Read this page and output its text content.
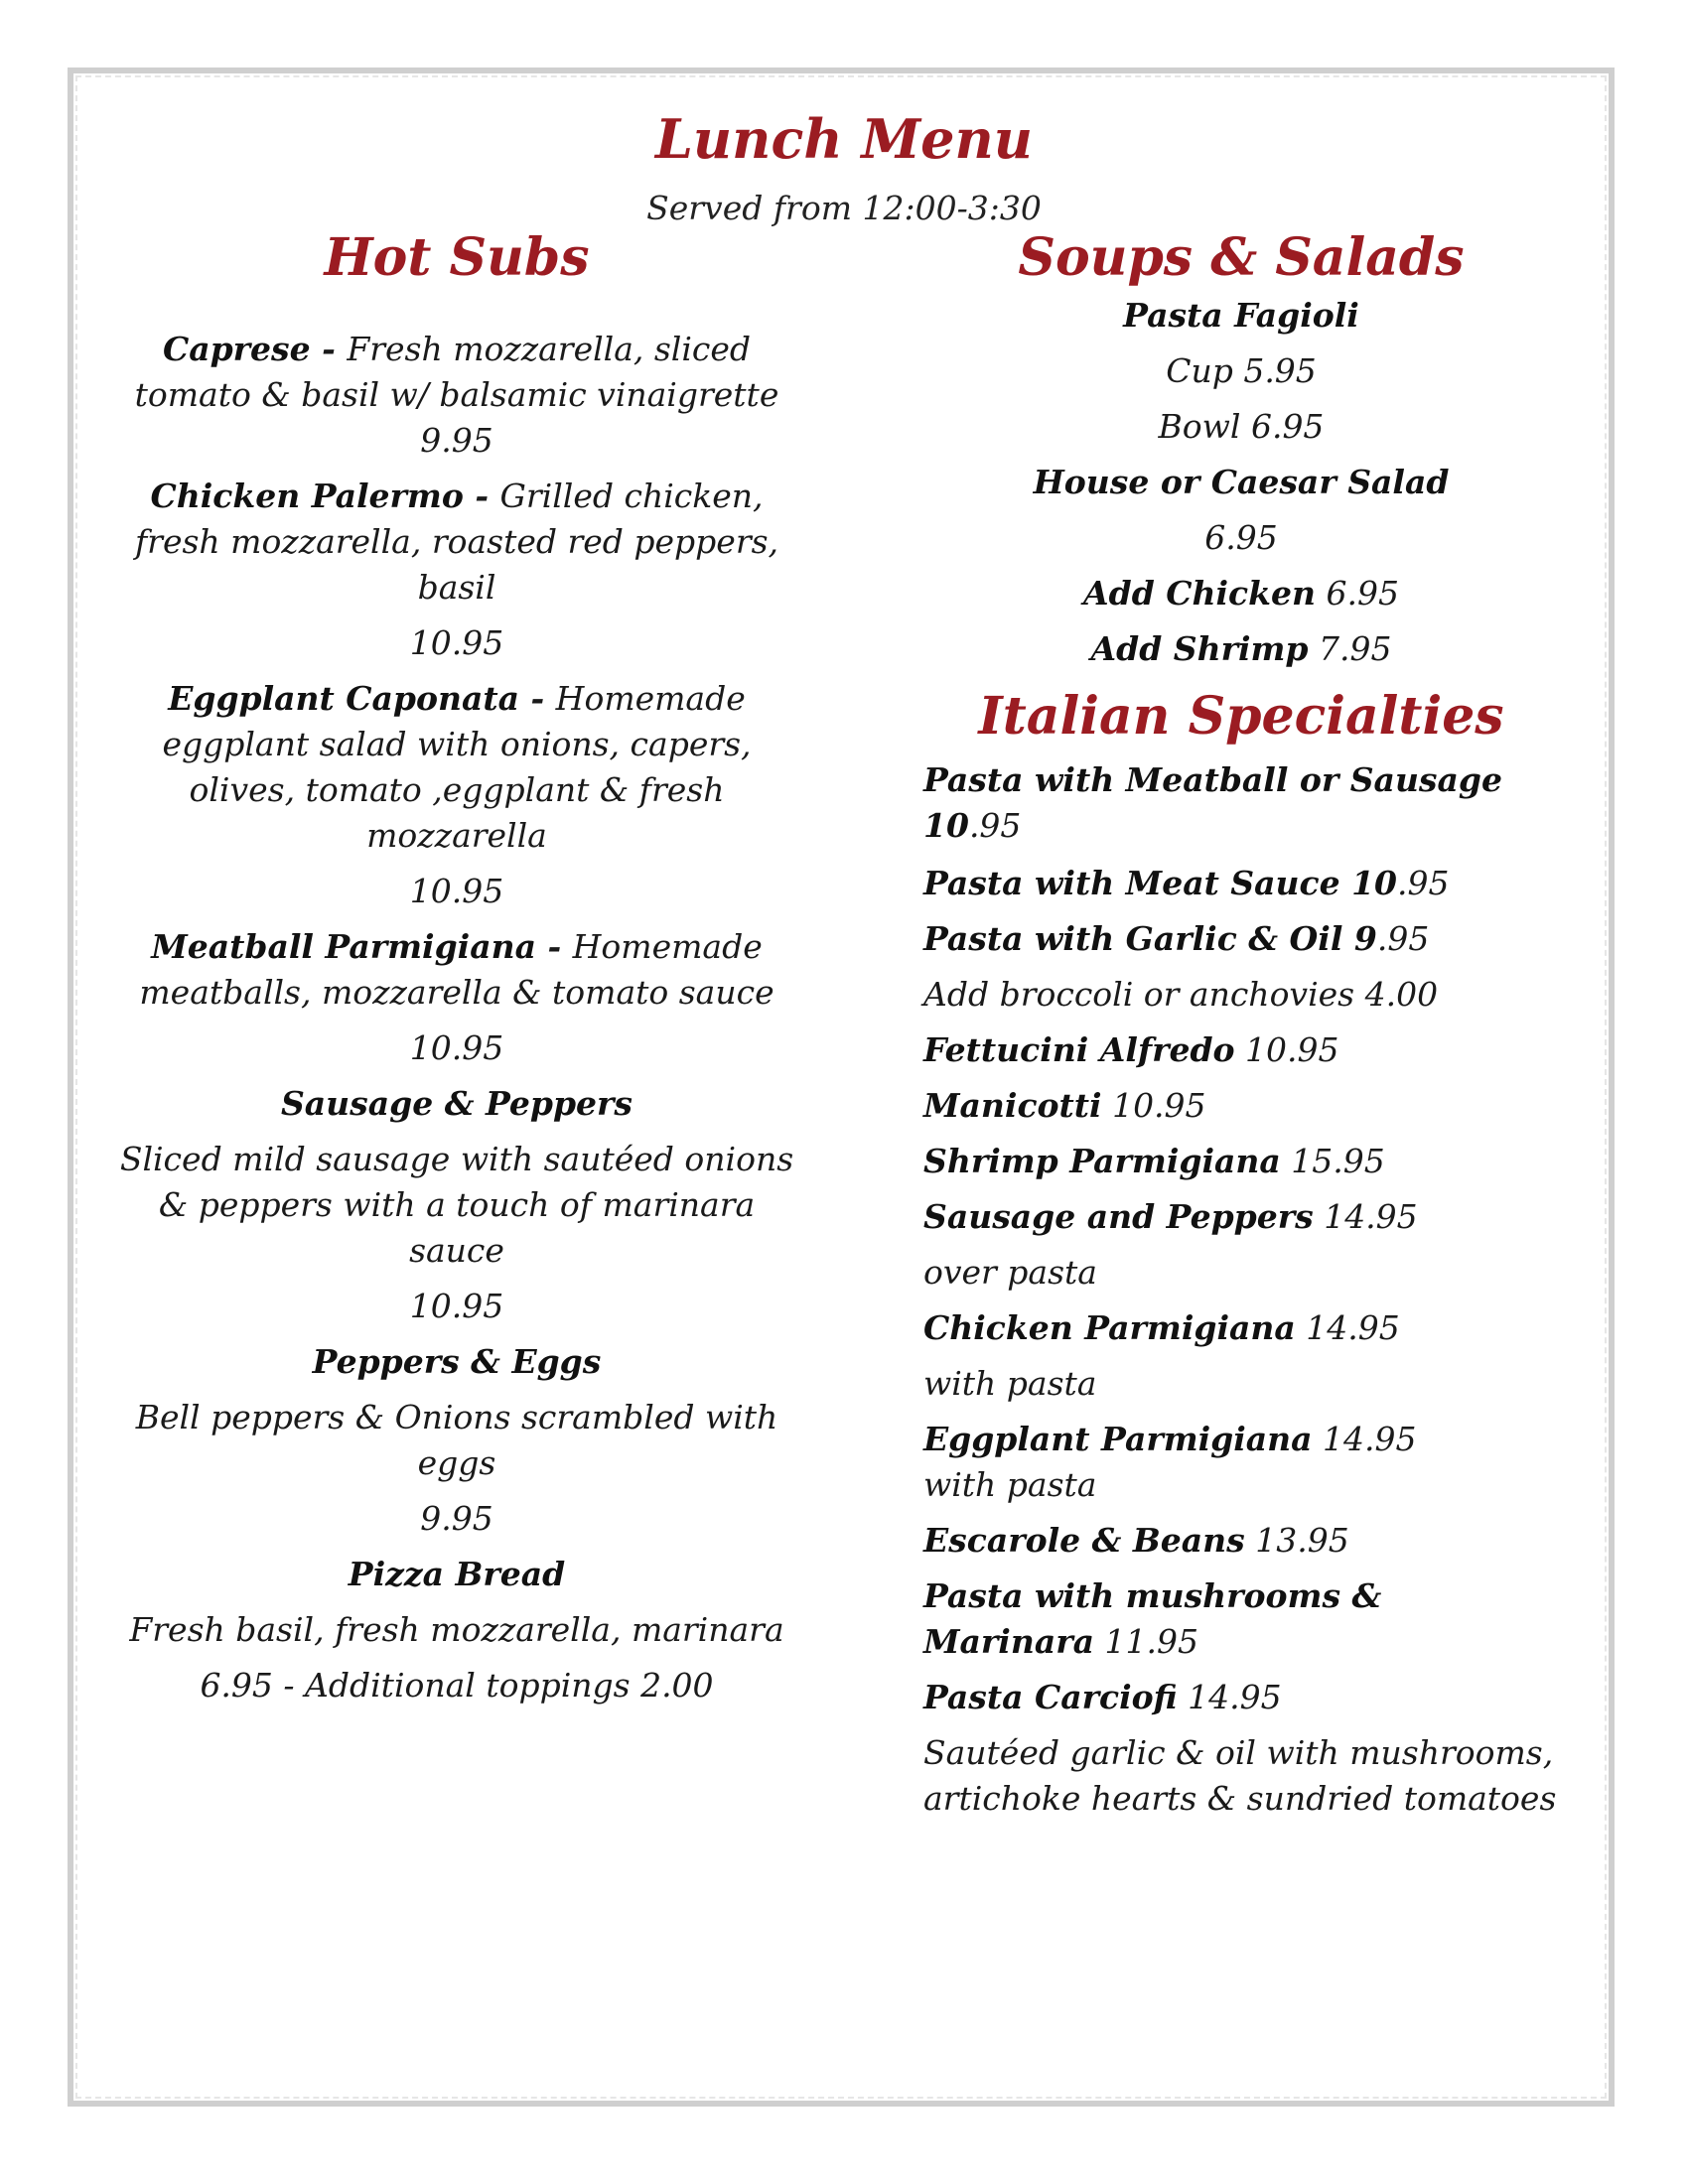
Lunch Menu
Served from 12:00-3:30
Hot Subs
Caprese - Fresh mozzarella, sliced tomato & basil w/ balsamic vinaigrette 9.95
Chicken Palermo - Grilled chicken, fresh mozzarella, roasted red peppers, basil
10.95
Eggplant Caponata - Homemade eggplant salad with onions, capers, olives, tomato ,eggplant & fresh mozzarella
10.95
Meatball Parmigiana - Homemade meatballs, mozzarella & tomato sauce
10.95
Sausage & Peppers
Sliced mild sausage with sautéed onions & peppers with a touch of marinara sauce
10.95
Peppers & Eggs
Bell peppers & Onions scrambled with eggs
9.95
Pizza Bread
Fresh basil, fresh mozzarella, marinara
6.95 - Additional toppings 2.00
Soups & Salads
Pasta Fagioli
Cup 5.95
Bowl 6.95
House or Caesar Salad
6.95
Add Chicken 6.95
Add Shrimp 7.95
Italian Specialties
Pasta with Meatball or Sausage 10.95
Pasta with Meat Sauce 10.95
Pasta with Garlic & Oil 9.95
Add broccoli or anchovies 4.00
Fettucini Alfredo 10.95
Manicotti 10.95
Shrimp Parmigiana 15.95
Sausage and Peppers 14.95
over pasta
Chicken Parmigiana 14.95
with pasta
Eggplant Parmigiana 14.95
with pasta
Escarole & Beans 13.95
Pasta with mushrooms & Marinara 11.95
Pasta Carciofi 14.95
Sautéed garlic & oil with mushrooms, artichoke hearts & sundried tomatoes
